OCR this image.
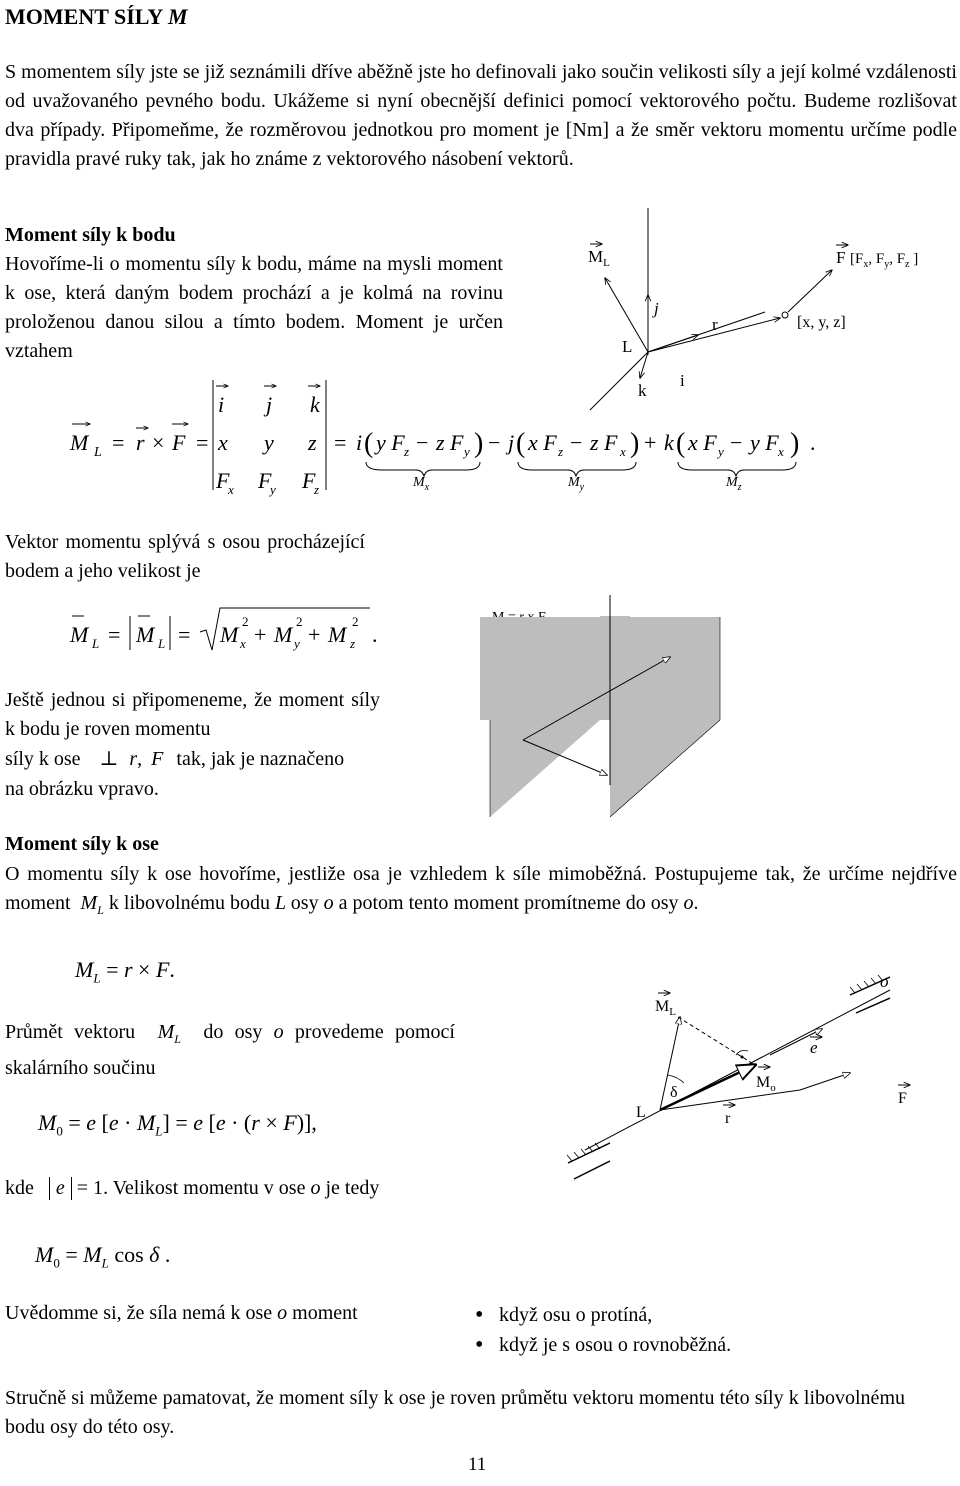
MOMENT SÍLY M
S momentem síly jste se již seznámili dříve aběžně jste ho definovali jako součin velikosti síly a její kolmé vzdálenosti od uvažovaného pevného bodu. Ukážeme si nyní obecnější definici pomocí vektorového počtu. Budeme rozlišovat dva případy. Připomeňme, že rozměrovou jednotkou pro moment je [Nm] a že směr vektoru momentu určíme podle pravidla pravé ruky tak, jak ho známe z vektorového násobení vektorů.
Moment síly k bodu
Hovoříme-li o momentu síly k bodu, máme na mysli moment k ose, která daným bodem prochází a je kolmá na rovinu proloženou danou silou a tímto bodem. Moment je určen vztahem
$M_L$	F [$F_x$, $F_y$, $F_z$ ]
j
r	[x, y, z]
L
k
i
M L = r × F =
i j k
x y z
F
x F
y F
z
= i ( y F z − z F y ) − j ( x F z − z F x ) + k ( x F y − y F x ) .
$M_x$	$M_y$	$M_z$
Vektor momentu splývá s osou procházející bodem a jeho velikost je
M L = M L = M x
2
+ M y
2
+ M z
2
.
Ještě jednou si připomeneme, že moment síly k bodu je roven momentu
síly k ose ⊥ r, F tak, jak je naznačeno
na obrázku vpravo.
Moment síly k ose
O momentu síly k ose hovoříme, jestliže osa je vzhledem k síle mimoběžná. Postupujeme tak, že určíme nejdříve moment  $M_L$ k libovolnému bodu L osy o a potom tento moment promítneme do osy o.
$M_L = r \times F$.
Průmět vektoru  $M_L$ do osy o provedeme pomocí skalárního součinu
$M_0 = e$ $[e \cdot M_L] = e$ [e · (r × F)],
kde e = 1. Velikost momentu v ose o je tedy
$M_0 = M_L$ cos δ .
$M_L$
o
e
$M_o$
δ
L	r
F
Uvědomme si, že síla nemá k ose o moment
•	když osu o protíná,
• když je s osou o rovnoběžná.
Stručně si můžeme pamatovat, že moment síly k ose je roven průmětu vektoru momentu této síly k libovolnému bodu osy do této osy.
11
